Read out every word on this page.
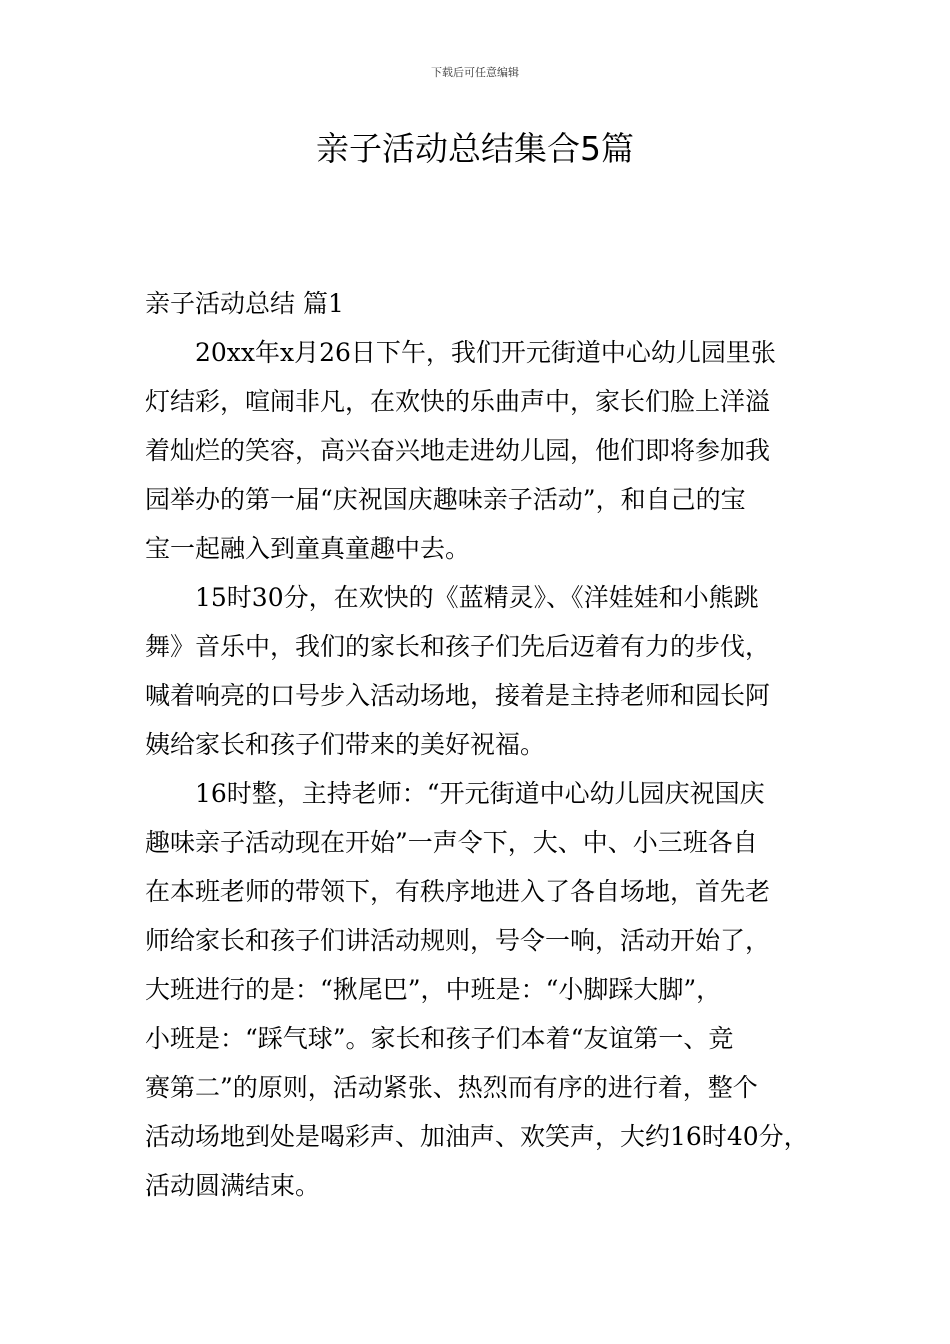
下载后可任意编辑
亲子活动总结集合5篇

亲子活动总结 篇1

20xx年x月26日下午，我们开元街道中心幼儿园里张
灯结彩，喧闹非凡，在欢快的乐曲声中，家长们脸上洋溢
着灿烂的笑容，高兴奋兴地走进幼儿园，他们即将参加我
园举办的第一届“庆祝国庆趣味亲子活动”，和自己的宝
宝一起融入到童真童趣中去。

15时30分，在欢快的《蓝精灵》、《洋娃娃和小熊跳
舞》音乐中，我们的家长和孩子们先后迈着有力的步伐，
喊着响亮的口号步入活动场地，接着是主持老师和园长阿
姨给家长和孩子们带来的美好祝福。

16时整，主持老师：“开元街道中心幼儿园庆祝国庆
趣味亲子活动现在开始”一声令下，大、中、小三班各自
在本班老师的带领下，有秩序地进入了各自场地，首先老
师给家长和孩子们讲活动规则，号令一响，活动开始了，
大班进行的是：“揪尾巴”，中班是：“小脚踩大脚”，
小班是：“踩气球”。家长和孩子们本着“友谊第一、竞
赛第二”的原则，活动紧张、热烈而有序的进行着，整个
活动场地到处是喝彩声、加油声、欢笑声，大约16时40分，
活动圆满结束。
